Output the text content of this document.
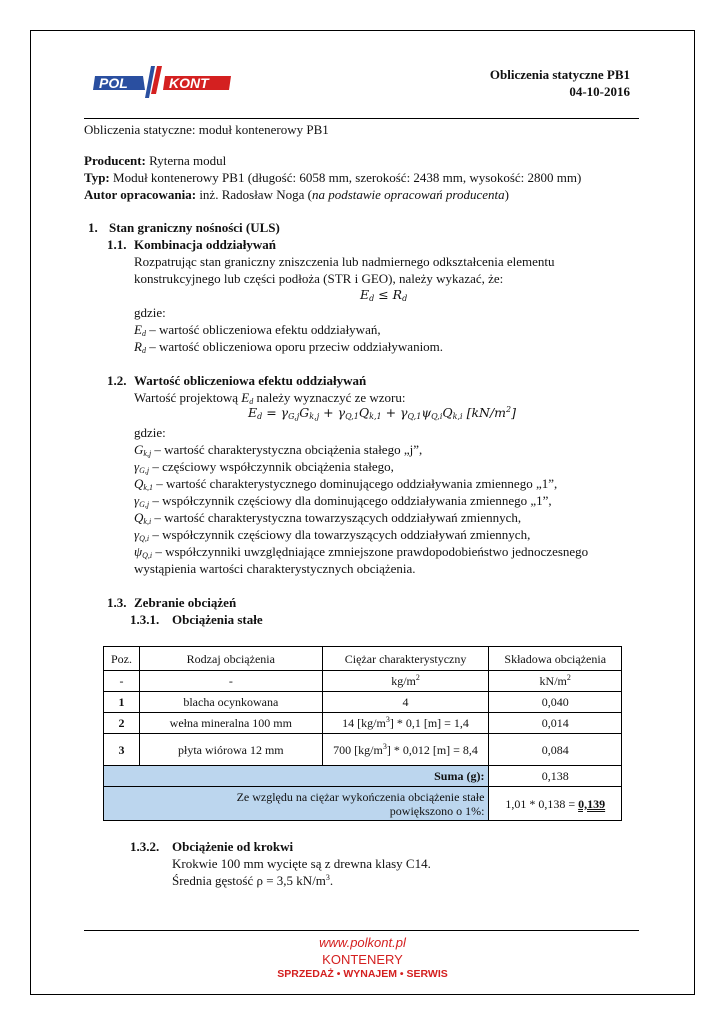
POL	KONT
Obliczenia statyczne PB1
04-10-2016
Obliczenia statyczne: moduł kontenerowy PB1
Producent: Ryterna modul
Typ: Moduł kontenerowy PB1 (długość: 6058 mm, szerokość: 2438 mm, wysokość: 2800 mm)
Autor opracowania: inż. Radosław Noga (na podstawie opracowań producenta)
1. Stan graniczny nośności (ULS)
1.1. Kombinacja oddziaływań
Rozpatrując stan graniczny zniszczenia lub nadmiernego odkształcenia elementu
konstrukcyjnego lub części podłoża (STR i GEO), należy wykazać, że:
$E_d \le R_d$
gdzie:
$E_d$ – wartość obliczeniowa efektu oddziaływań,
$R_d$ – wartość obliczeniowa oporu przeciw oddziaływaniom.
1.2. Wartość obliczeniowa efektu oddziaływań
Wartość projektową $E_d$ należy wyznaczyć ze wzoru:
$E_d = \gamma_{G,j}G_{k,j} + \gamma_{Q,1}Q_{k,1} + \gamma_{Q,1}\psi_{Q,i}Q_{k,i}$ $[kN/m^2]$
gdzie:
$G_{k,j}$ – wartość charakterystyczna obciążenia stałego „j”,
$\gamma_{G,j}$ – częściowy współczynnik obciążenia stałego,
$Q_{k,1}$ – wartość charakterystycznego dominującego oddziaływania zmiennego „1”,
$\gamma_{G,j}$ – współczynnik częściowy dla dominującego oddziaływania zmiennego „1”,
$Q_{k,i}$ – wartość charakterystyczna towarzyszących oddziaływań zmiennych,
$\gamma_{Q,i}$ – współczynnik częściowy dla towarzyszących oddziaływań zmiennych,
$\psi_{Q,i}$ – współczynniki uwzględniające zmniejszone prawdopodobieństwo jednoczesnego
wystąpienia wartości charakterystycznych obciążenia.
1.3. Zebranie obciążeń
1.3.1. Obciążenia stałe
Poz.	Rodzaj obciążenia	Ciężar charakterystyczny	Składowa obciążenia
-	-	$kg/m^2$	$kN/m^2$
1	blacha ocynkowana	4	0,040
2	wełna mineralna 100 mm	14 $[kg/m^3] * 0,1$ [m] = 1,4	0,014
3	płyta wiórowa 12 mm	700 $[kg/m^3] * 0,012$ [m] = 8,4	0,084
Suma (g):			0,138

Ze względu na ciężar wykończenia obciążenie stałe powiększono o 1%:			1,01 * 0,138 = 0,139
1.3.2. Obciążenie od krokwi
Krokwie 100 mm wycięte są z drewna klasy C14.
Średnia gęstość ρ = 3,5 $kN/m^3$.
www.polkont.pl
KONTENERY
SPRZEDAŻ • WYNAJEM • SERWIS
